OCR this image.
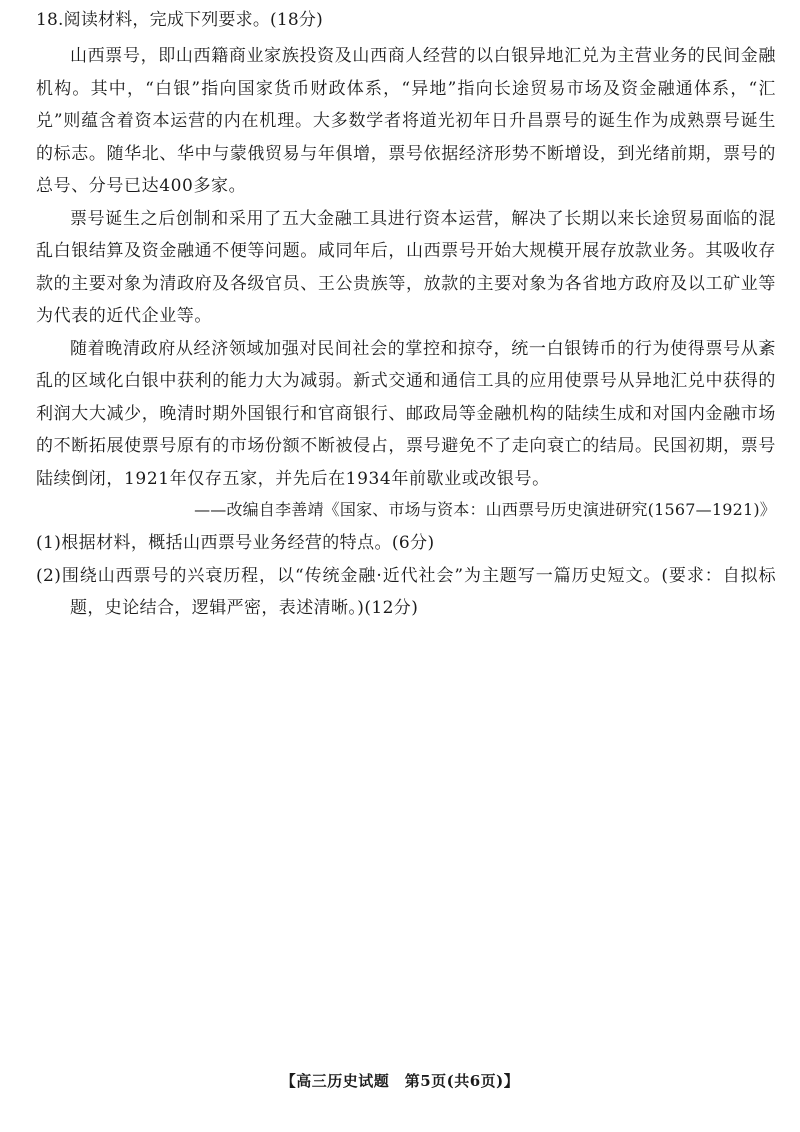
18.阅读材料，完成下列要求。(18分)

山西票号，即山西籍商业家族投资及山西商人经营的以白银异地汇兑为主营业务的民间金融机构。其中，“白银”指向国家货币财政体系，“异地”指向长途贸易市场及资金融通体系，“汇兑”则蕴含着资本运营的内在机理。大多数学者将道光初年日升昌票号的诞生作为成熟票号诞生的标志。随华北、华中与蒙俄贸易与年俱增，票号依据经济形势不断增设，到光绪前期，票号的总号、分号已达400多家。

票号诞生之后创制和采用了五大金融工具进行资本运营，解决了长期以来长途贸易面临的混乱白银结算及资金融通不便等问题。咸同年后，山西票号开始大规模开展存放款业务。其吸收存款的主要对象为清政府及各级官员、王公贵族等，放款的主要对象为各省地方政府及以工矿业等为代表的近代企业等。

随着晚清政府从经济领域加强对民间社会的掌控和掠夺，统一白银铸币的行为使得票号从紊乱的区域化白银中获利的能力大为减弱。新式交通和通信工具的应用使票号从异地汇兑中获得的利润大大减少，晚清时期外国银行和官商银行、邮政局等金融机构的陆续生成和对国内金融市场的不断拓展使票号原有的市场份额不断被侵占，票号避免不了走向衰亡的结局。民国初期，票号陆续倒闭，1921年仅存五家，并先后在1934年前歇业或改银号。

——改编自李善靖《国家、市场与资本：山西票号历史演进研究(1567—1921)》

(1)根据材料，概括山西票号业务经营的特点。(6分)

(2)围绕山西票号的兴衰历程，以“传统金融·近代社会”为主题写一篇历史短文。(要求：自拟标题，史论结合，逻辑严密，表述清晰。)(12分)

【高三历史试题　第5页(共6页)】
